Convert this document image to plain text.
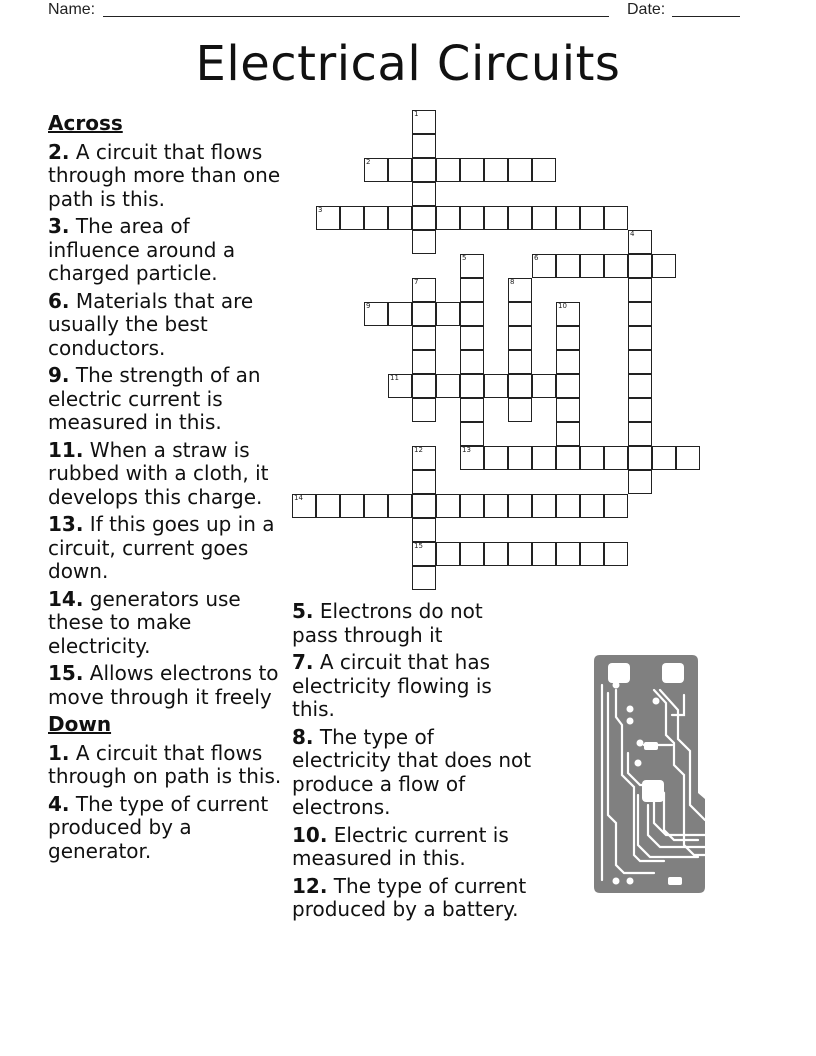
Name:	Date:
Electrical Circuits
1
2
3
4
5	6
7	8
9	10
11
12
15
13
14
Across
2. A circuit that flows through more than one path is this.
3. The area of influence around a charged particle.
6. Materials that are usually the best conductors.
9. The strength of an electric current is measured in this.
11. When a straw is rubbed with a cloth, it develops this charge.
13. If this goes up in a circuit, current goes down.
14. generators use these to make electricity.
15. Allows electrons to move through it freely
Down
1. A circuit that flows through on path is this.
4. The type of current produced by a generator.
5. Electrons do not pass through it
7. A circuit that has electricity flowing is this.
8. The type of electricity that does not produce a flow of electrons.
10. Electric current is measured in this.
12. The type of current produced by a battery.
